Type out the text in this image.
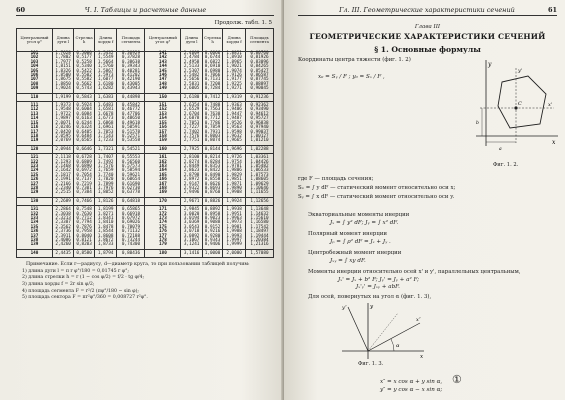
60	Ч. I. Таблицы и расчетные данные
Продолж. табл. 1. 5
Центральный угол φ°	Длина дуги l	Стрелка h	Длина хорды f	Площадь сегмента	Центральный угол φ°	Длина дуги l	Стрелка h	Длина хорды f	Площадь сегмента
101	1,7628	0,5000	1,5432	0,36929	141	2,4609	0,6666	1,8851	0,80760
102	1,7802	0,5177	1,5549	0,37828	142	2,4784	0,6744	1,8910	0,81926
103	1,7977	0,5258	1,5664	0,38638	143	2,4958	0,6822	1,8965	0,83096
104	1,8151	0,5340	1,5760	0,39343	144	2,5133	0,6910	1,9021	0,84265
105	1,8326	0,5422	1,5867	0,40281	145	2,5307	0,6980	1,9074	0,85427
106	1,8500	0,5502	1,5973	0,41202	146	2,5482	0,7066	1,9126	0,86587
107	1,8675	0,5582	1,6077	0,42190	147	2,5656	0,7131	1,9177	0,87745
108	1,8850	0,5662	1,6180	0,43005	148	2,5831	0,7208	1,9225	0,88897
109	1,9024	0,5743	1,6282	0,43943	149	2,6005	0,7284	1,9271	0,90045

110	1,9199	0,5843	1,6383	0,44898	150	2,6180	0,7412	1,9319	0,91236

111	1,9373	0,5924	1,6483	0,45842	151	2,6354	0,7488	1,9363	0,92362
112	1,9548	0,6004	1,6581	0,46772	152	2,6529	0,7563	1,9406	0,93490
113	1,9722	0,6084	1,6678	0,47706	153	2,6704	0,7638	1,9447	0,94612
114	1,9897	0,6163	1,6773	0,48650	154	2,6878	0,7712	1,9487	0,95727
115	2,0071	0,6244	1,6868	0,49618	155	2,7053	0,7786	1,9526	0,96838
116	2,0246	0,6324	1,6961	0,50591	156	2,7227	0,7859	1,9563	0,97940
117	2,0420	0,6405	1,7053	0,51578	157	2,7402	0,7931	1,9598	0,99037
118	2,0595	0,6484	1,7143	0,52571	158	2,7576	0,8003	1,9632	1,00127
119	2,0769	0,6565	1,7233	0,53558	159	2,7751	0,8074	1,9665	1,01210

120	2,0944	0,6646	1,7321	0,54521	160	2,7925	0,8144	1,9696	1,02288

121	2,1118	0,6728	1,7407	0,55553	161	2,8100	0,8214	1,9726	1,03361
122	2,1293	0,6809	1,7492	0,56560	162	2,8274	0,8284	1,9754	1,04426
123	2,1468	0,6890	1,7576	0,57573	163	2,8449	0,8353	1,9781	1,05482
124	2,1642	0,6972	1,7659	0,58594	164	2,8623	0,8422	1,9806	1,06533
125	2,1817	0,7054	1,7740	0,59621	165	2,8798	0,8490	1,9829	1,07573
126	2,1991	0,7137	1,7820	0,60654	166	2,8972	0,8558	1,9851	1,08605
127	2,2166	0,7219	1,7899	0,61690	167	2,9147	0,8626	1,9871	1,09629
128	2,2340	0,7301	1,7976	0,62730	168	2,9322	0,8693	1,9890	1,10646
129	2,2515	0,7384	1,8052	0,63778	169	2,9496	0,8760	1,9908	1,11655

130	2,2689	0,7466	1,8126	0,64818	170	2,9671	0,8826	1,9924	1,12656

131	2,2864	0,7548	1,8199	0,65865	171	2,9845	0,8892	1,9938	1,13648
132	2,3038	0,7630	1,8271	0,66918	172	3,0020	0,8958	1,9951	1,14632
133	2,3213	0,7712	1,8341	0,67972	173	3,0194	0,9023	1,9963	1,15610
134	2,3387	0,7794	1,8410	0,69026	174	3,0369	0,9088	1,9973	1,16580
135	2,3562	0,7876	1,8478	0,70079	175	3,0543	0,9152	1,9981	1,17542
136	2,3736	0,7958	1,8544	0,71132	176	3,0718	0,9216	1,9988	1,18497
137	2,3911	0,8040	1,8608	0,72188	177	3,0892	0,9280	1,9993	1,19444
138	2,4086	0,8121	1,8672	0,73244	178	3,1067	0,9343	1,9997	1,20384
139	2,4260	0,8203	1,8733	0,74300	179	3,1241	0,9406	1,9999	1,21316

140	2,4435	0,8580	1,8794	0,80436	180	3,1416	1,0000	2,0000	1,57080
Примечание. Если r—радиусу, d—диаметр круга, то при пользовании таблицей получим:
1) длина дуги l = π r φ°/180 = 0,01745 r φ°;
2) длина стрелки h = r (1 − cos φ/2) = f/2 · tg φ/4;
3) длина хорды f = 2r sin φ/2;
4) площадь сегмента F = r²/2 (πφ°/180 − sin φ);
5) площадь сектора F = πr²φ°/360 = 0,008727 r²φ°.
Гл. III. Геометрические характеристики сечений	61
Глава III
ГЕОМЕТРИЧЕСКИЕ ХАРАКТЕРИСТИКИ СЕЧЕНИЙ
§ 1. Основные формулы
Координаты центра тяжести (фиг. 1. 2)
x₀ = Sᵧ / F ; y₀ = Sₓ / F ,
y
x
C
y'
x'
a
b
Фиг. 1. 2.
где F — площадь сечения;
Sₓ = ∫ y dF — статический момент относительно оси x;
Sᵧ = ∫ x dF — статический момент относительно оси y.
Экваториальные моменты инерции
Jₓ = ∫ y² dF; Jᵧ = ∫ x² dF.
Полярный момент инерции
Jₚ = ∫ ρ² dF = Jₓ + Jᵧ .
Центробежный момент инерции
Jₓᵧ = ∫ xy dF.
Моменты инерции относительно осей x' и y', параллельных центральным,
Jₓ' = Jₓ + b² F; Jᵧ' = Jᵧ + a² F;
Jₓ'ᵧ' = Jₓᵧ + abF.
Для осей, повернутых на угол α (фиг. 1. 3),
α
y
x
x″
y″
Фиг. 1. 3.
x″ = x cos α + y sin α, ①
y″ = y cos α − x sin α;
